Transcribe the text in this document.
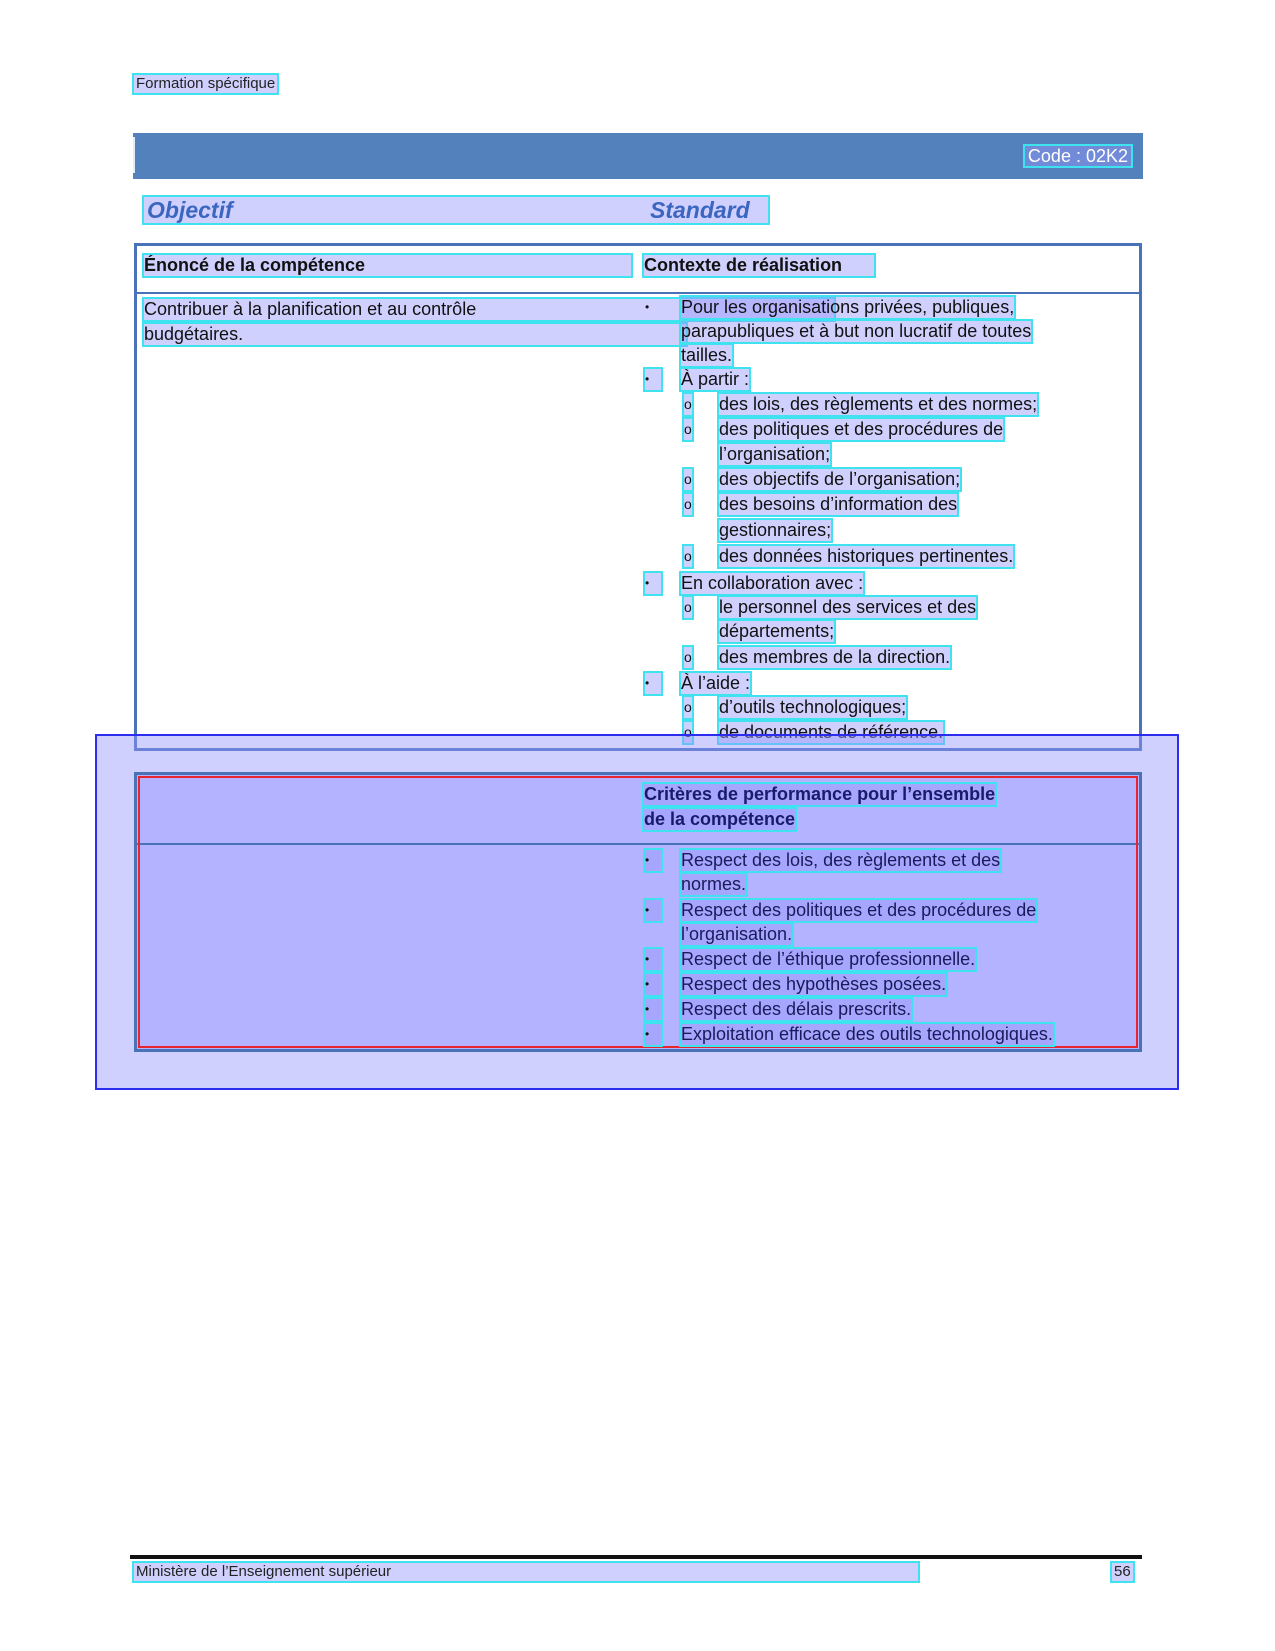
Formation spécifique
Code : 02K2
Objectif	Standard
Énoncé de la compétence	Contexte de réalisation
Contribuer à la planification et au contrôle
budgétaires.
•	Pour les organisations privées, publiques,
parapubliques et à but non lucratif de toutes
tailles.
•	À partir :
o des lois, des règlements et des normes;
o des politiques et des procédures de
l’organisation;
o des objectifs de l’organisation;
o des besoins d’information des
gestionnaires;
o des données historiques pertinentes.
•	En collaboration avec :
o le personnel des services et des
départements;
o des membres de la direction.
•	À l’aide :
o d’outils technologiques;
o de documents de référence.
Critères de performance pour l’ensemble
de la compétence
•	Respect des lois, des règlements et des
normes.
•	Respect des politiques et des procédures de
l’organisation.
•	Respect de l’éthique professionnelle.
•	Respect des hypothèses posées.
•	Respect des délais prescrits.
•	Exploitation efficace des outils technologiques.
Ministère de l’Enseignement supérieur	56
